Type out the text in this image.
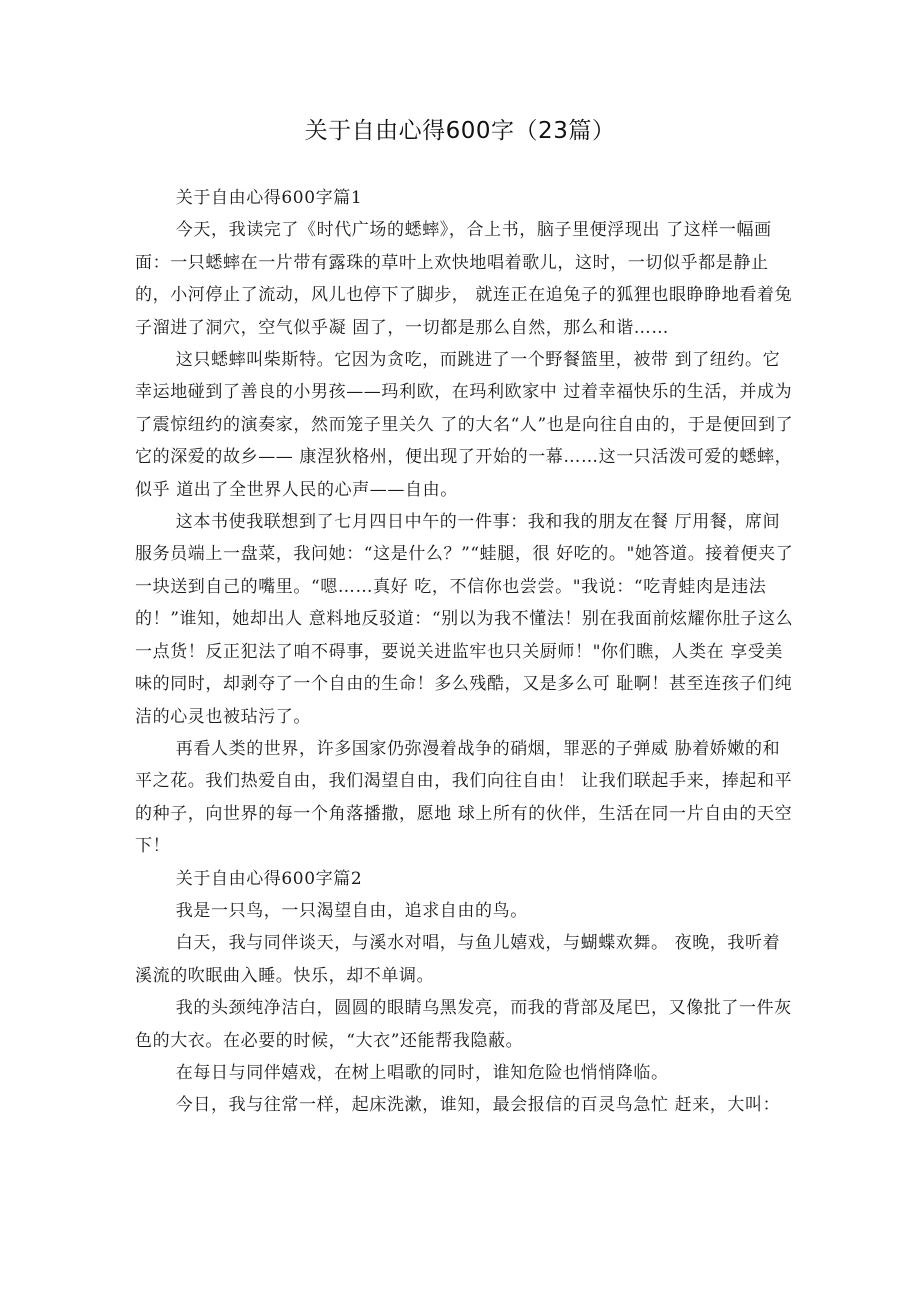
关于自由心得600字（23篇）

关于自由心得600字篇1

今天，我读完了《时代广场的蟋蟀》，合上书，脑子里便浮现出 了这样一幅画面：一只蟋蟀在一片带有露珠的草叶上欢快地唱着歌儿，这时，一切似乎都是静止的，小河停止了流动，风儿也停下了脚步， 就连正在追兔子的狐狸也眼睁睁地看着兔子溜进了洞穴，空气似乎凝 固了，一切都是那么自然，那么和谐……

这只蟋蟀叫柴斯特。它因为贪吃，而跳进了一个野餐篮里，被带 到了纽约。它幸运地碰到了善良的小男孩——玛利欧，在玛利欧家中 过着幸福快乐的生活，并成为了震惊纽约的演奏家，然而笼子里关久 了的大名“人”也是向往自由的，于是便回到了它的深爱的故乡—— 康涅狄格州，便出现了开始的一幕……这一只活泼可爱的蟋蟀，似乎 道出了全世界人民的心声——自由。

这本书使我联想到了七月四日中午的一件事：我和我的朋友在餐 厅用餐，席间服务员端上一盘菜，我问她：“这是什么？”“蛙腿，很 好吃的。"她答道。接着便夹了一块送到自己的嘴里。“嗯……真好 吃，不信你也尝尝。"我说：“吃青蛙肉是违法的！”谁知，她却出人 意料地反驳道：“别以为我不懂法！别在我面前炫耀你肚子这么一点货！反正犯法了咱不碍事，要说关进监牢也只关厨师！"你们瞧，人类在 享受美味的同时，却剥夺了一个自由的生命！多么残酷，又是多么可 耻啊！甚至连孩子们纯洁的心灵也被玷污了。

再看人类的世界，许多国家仍弥漫着战争的硝烟，罪恶的子弹威 胁着娇嫩的和平之花。我们热爱自由，我们渴望自由，我们向往自由！ 让我们联起手来，捧起和平的种子，向世界的每一个角落播撒，愿地 球上所有的伙伴，生活在同一片自由的天空下！

关于自由心得600字篇2

我是一只鸟，一只渴望自由，追求自由的鸟。

白天，我与同伴谈天，与溪水对唱，与鱼儿嬉戏，与蝴蝶欢舞。 夜晚，我听着溪流的吹眠曲入睡。快乐，却不单调。

我的头颈纯净洁白，圆圆的眼睛乌黑发亮，而我的背部及尾巴，又像批了一件灰色的大衣。在必要的时候，“大衣”还能帮我隐蔽。

在每日与同伴嬉戏，在树上唱歌的同时，谁知危险也悄悄降临。

今日，我与往常一样，起床洗漱，谁知，最会报信的百灵鸟急忙 赶来，大叫：
